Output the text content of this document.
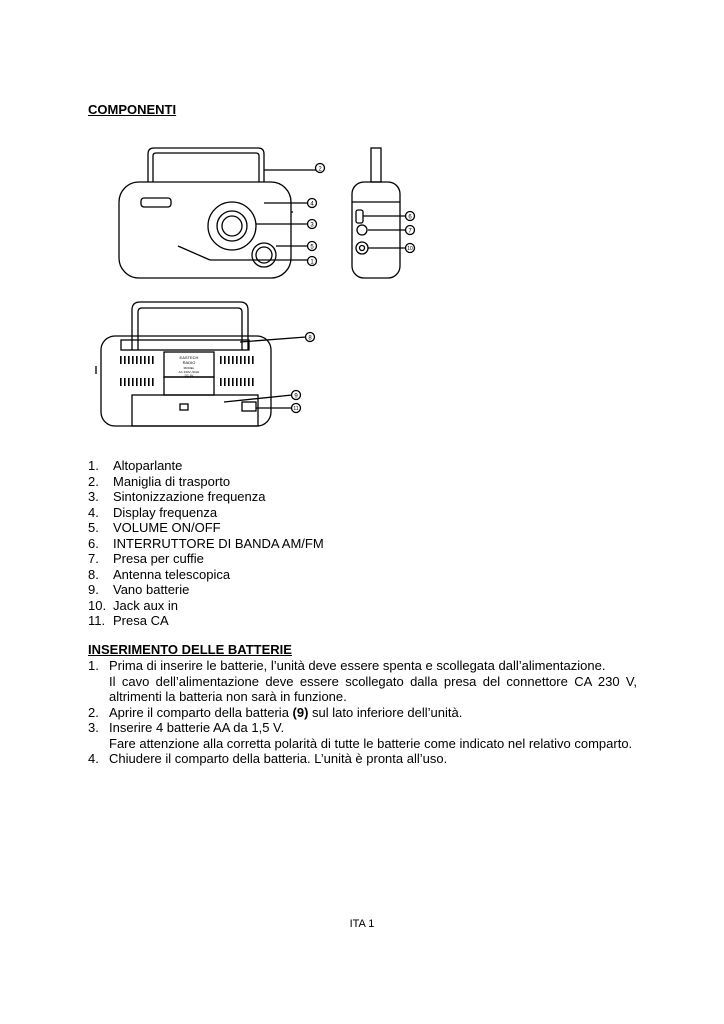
COMPONENTI
EASTECH
RADIO
MODEL
AC 230V~50Hz
DC 6V
2
4
3
5
1
6
7
10
8
9
11
1.	Altoparlante
2.	Maniglia di trasporto
3.	Sintonizzazione frequenza
4.	Display frequenza
5.	VOLUME ON/OFF
6.	INTERRUTTORE DI BANDA AM/FM
7.	Presa per cuffie
8.	Antenna telescopica
9.	Vano batterie
10. Jack aux in
11. Presa CA
INSERIMENTO DELLE BATTERIE
1. Prima di inserire le batterie, l’unità deve essere spenta e scollegata dall’alimentazione.

Il cavo dell’alimentazione deve essere scollegato dalla presa del connettore CA 230 V, altrimenti la batteria non sarà in funzione.

2. Aprire il comparto della batteria (9) sul lato inferiore dell’unità.

3. Inserire 4 batterie AA da 1,5 V.

Fare attenzione alla corretta polarità di tutte le batterie come indicato nel relativo comparto.

4. Chiudere il comparto della batteria. L’unità è pronta all’uso.

ITA 1
